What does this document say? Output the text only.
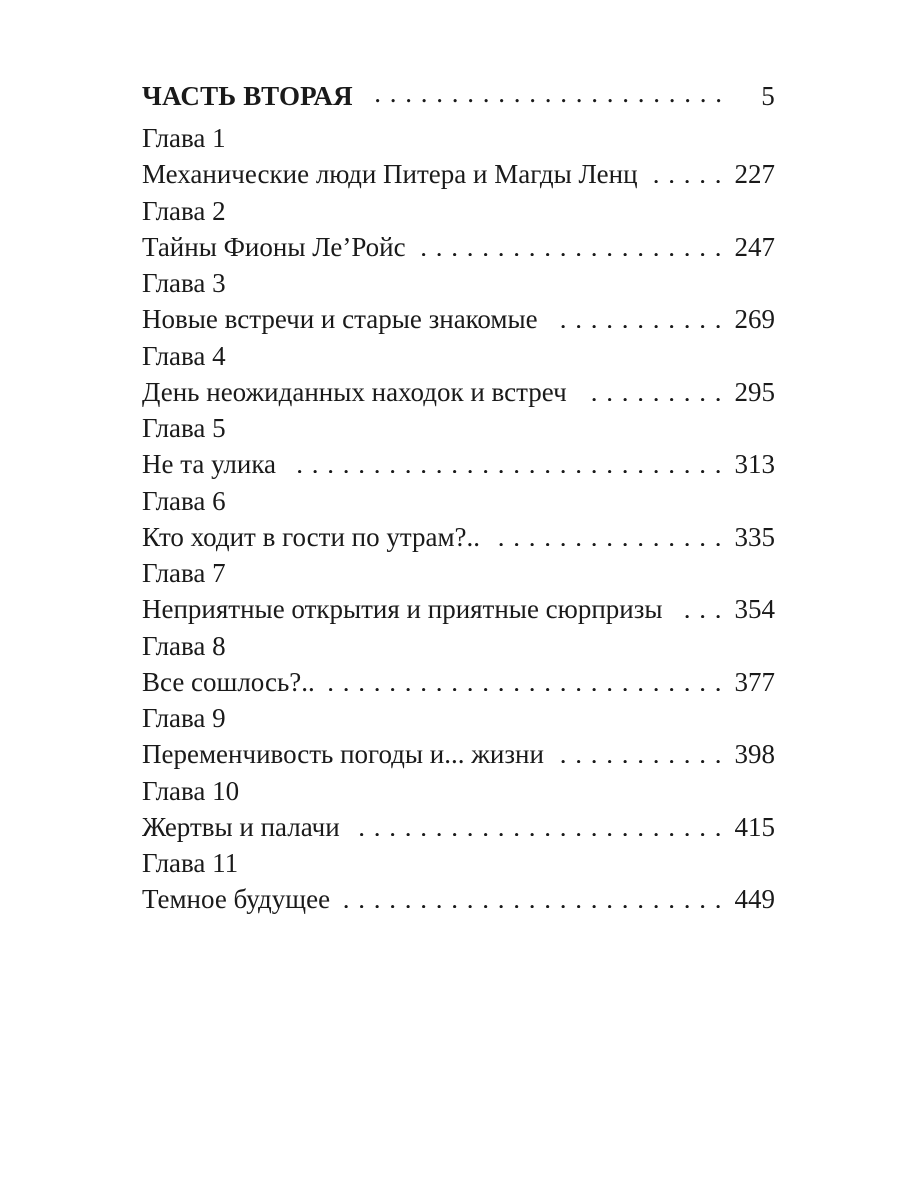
ЧАСТЬ ВТОРАЯ . . .	5
Глава 1
Механические люди Питера и Магды Ленц . . .	227
Глава 2
Тайны Фионы Ле’Ройс . . .	247
Глава 3
Новые встречи и старые знакомые . . .	269
Глава 4
День неожиданных находок и встреч . . .	295
Глава 5
Не та улика . . .	313
Глава 6
Кто ходит в гости по утрам?.. . . .	335
Глава 7
Неприятные открытия и приятные сюрпризы . . .	354
Глава 8
Все сошлось?.. . . .	377
Глава 9
Переменчивость погоды и... жизни . . .	398
Глава 10
Жертвы и палачи . . .	415
Глава 11
Темное будущее . . .	449
